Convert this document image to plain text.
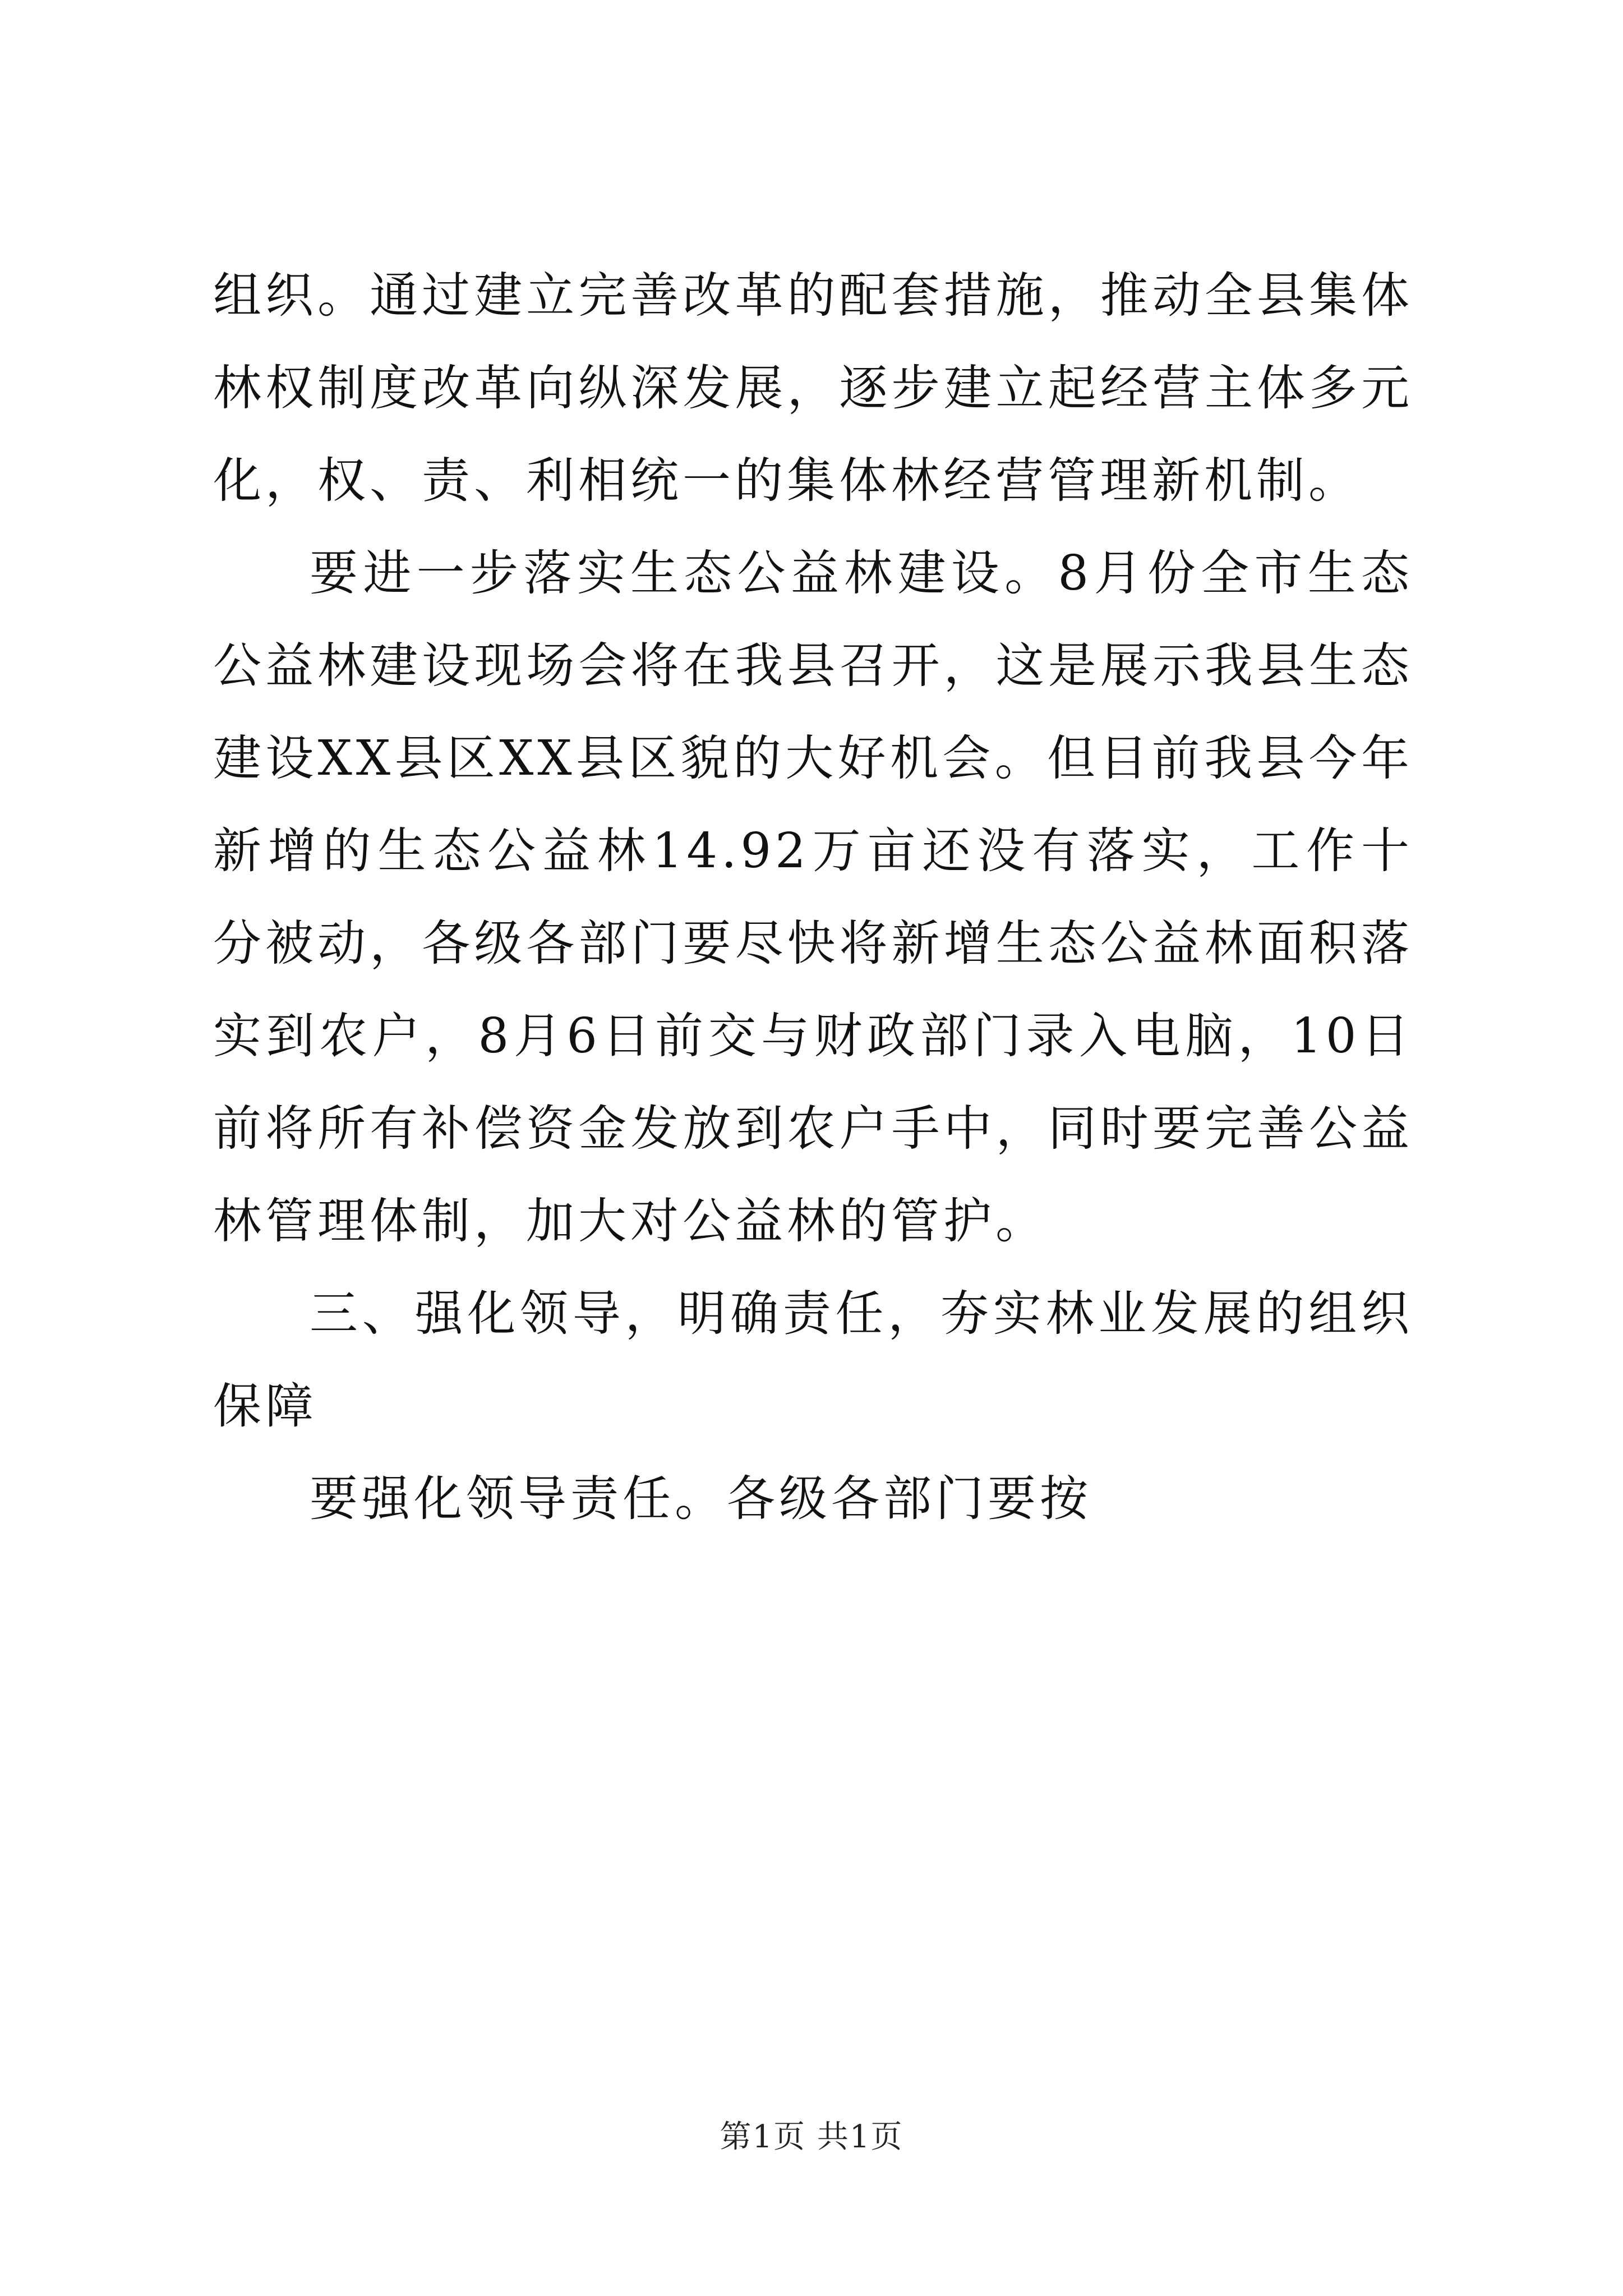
组织。通过建立完善改革的配套措施，推动全县集体林权制度改革向纵深发展，逐步建立起经营主体多元化，权、责、利相统一的集体林经营管理新机制。

要进一步落实生态公益林建设。8月份全市生态公益林建设现场会将在我县召开，这是展示我县生态建设XX县区XX县区貌的大好机会。但目前我县今年新增的生态公益林14.92万亩还没有落实，工作十分被动，各级各部门要尽快将新增生态公益林面积落实到农户，8月6日前交与财政部门录入电脑，10日前将所有补偿资金发放到农户手中，同时要完善公益林管理体制，加大对公益林的管护。

三、强化领导，明确责任，夯实林业发展的组织保障

要强化领导责任。各级各部门要按

第1页 共1页
